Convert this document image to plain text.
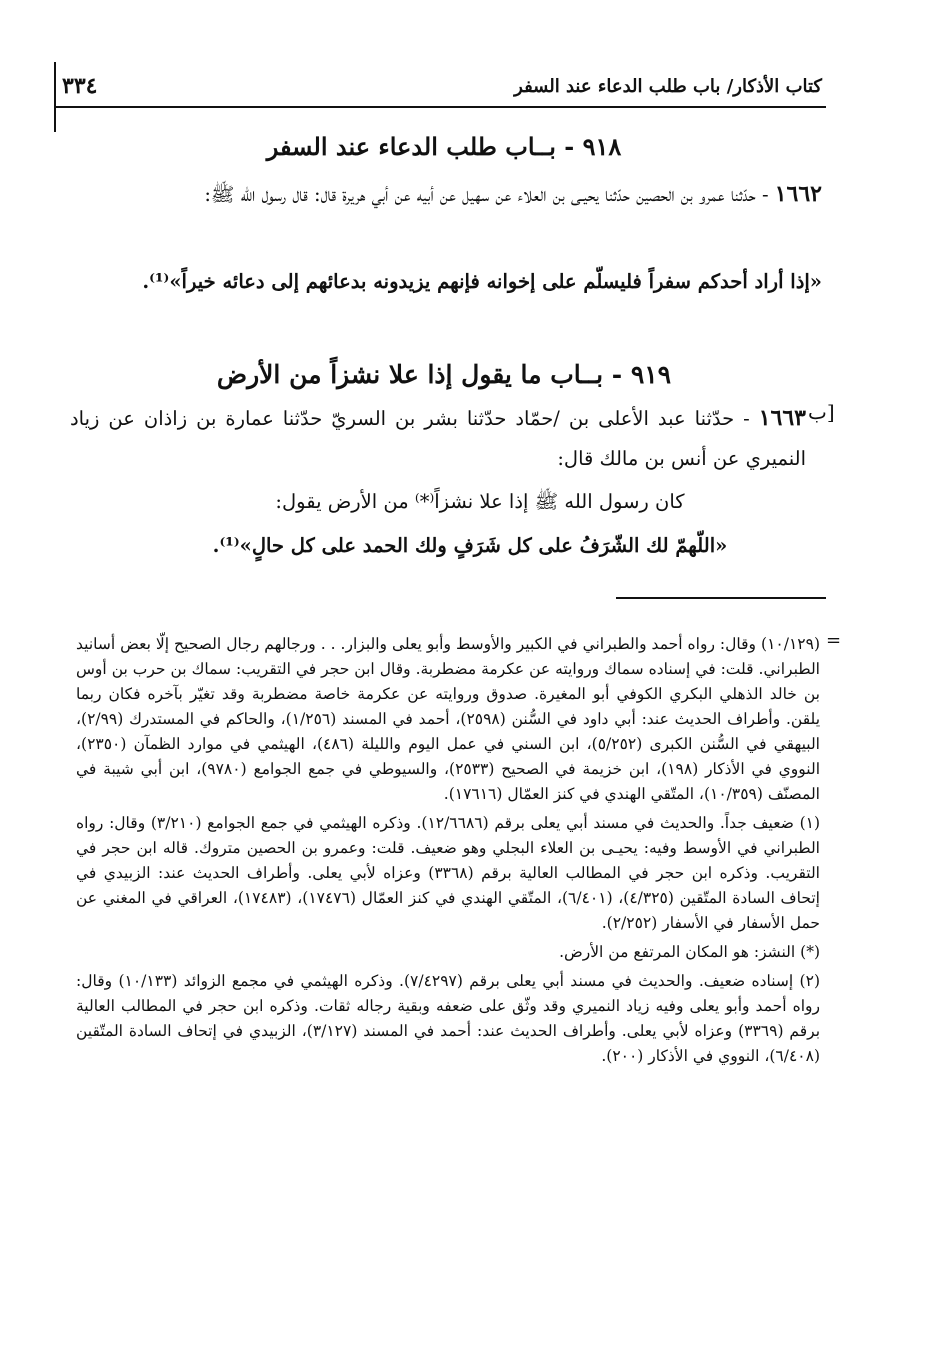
كتاب الأذكار/ باب طلب الدعاء عند السفر
٣٣٤
٩١٨ - بــاب طلب الدعاء عند السفر
١٦٦٢ - حدّثنا عمرو بن الحصين حدّثنا يحيـى بن العلاء عن سهيل عن أبيه عن أبي هريرة قال: قال رسول الله ﷺ:
«إذا أراد أحدكم سفراً فليسلّم على إخوانه فإنهم يزيدونه بدعائهم إلى دعائه خيراً»⁽¹⁾.
٩١٩ - بــاب ما يقول إذا علا نشزاً من الأرض
[ب
١٦٦٣ - حدّثنا عبد الأعلى بن /حمّاد حدّثنا بشر بن السريّ حدّثنا عمارة بن زاذان عن زياد النميري عن أنس بن مالك قال:
كان رسول الله ﷺ إذا علا نشزاً⁽*⁾ من الأرض يقول:
«اللّهمّ لك الشّرَفُ على كل شَرَفٍ ولك الحمد على كل حالٍ»⁽¹⁾.
=

(١٠/١٢٩) وقال: رواه أحمد والطبراني في الكبير والأوسط وأبو يعلى والبزار. . . ورجالهم رجال الصحيح إلّا بعض أسانيد الطبراني. قلت: في إسناده سماك وروايته عن عكرمة مضطربة. وقال ابن حجر في التقريب: سماك بن حرب بن أوس بن خالد الذهلي البكري الكوفي أبو المغيرة. صدوق وروايته عن عكرمة خاصة مضطربة وقد تغيّر بآخره فكان ربما يلقن. وأطراف الحديث عند: أبي داود في السُّنن (٢٥٩٨)، أحمد في المسند (١/٢٥٦)، والحاكم في المستدرك (٢/٩٩)، البيهقي في السُّنن الكبرى (٥/٢٥٢)، ابن السني في عمل اليوم والليلة (٤٨٦)، الهيثمي في موارد الظمآن (٢٣٥٠)، النووي في الأذكار (١٩٨)، ابن خزيمة في الصحيح (٢٥٣٣)، والسيوطي في جمع الجوامع (٩٧٨٠)، ابن أبي شيبة في المصنّف (١٠/٣٥٩)، المتّقي الهندي في كنز العمّال (١٧٦١٦).

(١) ضعيف جداً. والحديث في مسند أبي يعلى برقم (١٢/٦٦٨٦). وذكره الهيثمي في جمع الجوامع (٣/٢١٠) وقال: رواه الطبراني في الأوسط وفيه: يحيـى بن العلاء البجلي وهو ضعيف. قلت: وعمرو بن الحصين متروك. قاله ابن حجر في التقريب. وذكره ابن حجر في المطالب العالية برقم (٣٣٦٨) وعزاه لأبي يعلى. وأطراف الحديث عند: الزبيدي في إتحاف السادة المتّقين (٤/٣٢٥)، (٦/٤٠١)، المتّقي الهندي في كنز العمّال (١٧٤٧٦)، (١٧٤٨٣)، العراقي في المغني عن حمل الأسفار في الأسفار (٢/٢٥٢).

(*) النشز: هو المكان المرتفع من الأرض.

(٢) إسناده ضعيف. والحديث في مسند أبي يعلى برقم (٧/٤٢٩٧). وذكره الهيثمي في مجمع الزوائد (١٠/١٣٣) وقال: رواه أحمد وأبو يعلى وفيه زياد النميري وقد وثّق على ضعفه وبقية رجاله ثقات. وذكره ابن حجر في المطالب العالية برقم (٣٣٦٩) وعزاه لأبي يعلى. وأطراف الحديث عند: أحمد في المسند (٣/١٢٧)، الزبيدي في إتحاف السادة المتّقين (٦/٤٠٨)، النووي في الأذكار (٢٠٠).
